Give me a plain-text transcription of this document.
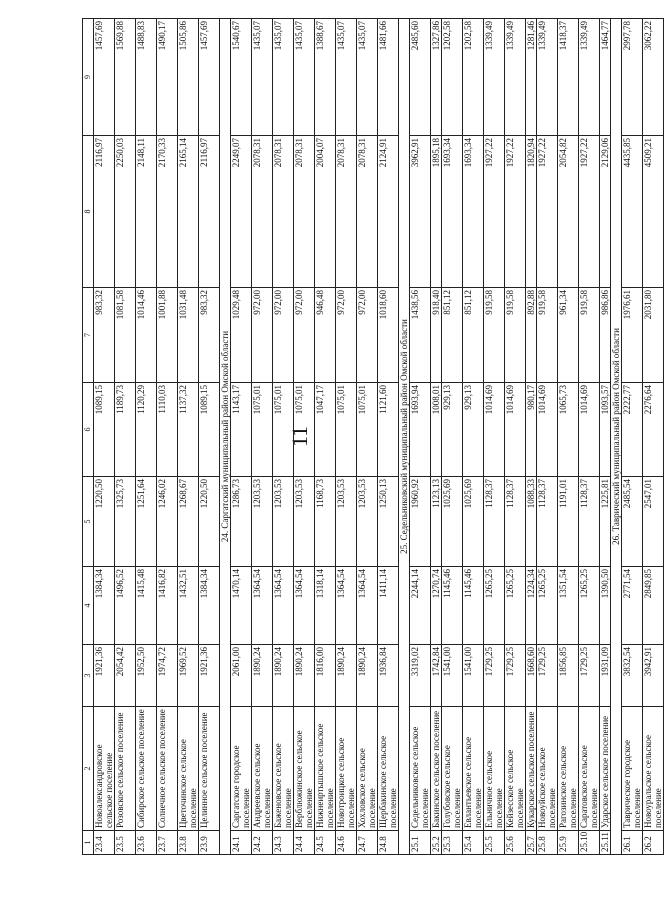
11
1	2	3	4	5	6	7	8	9
23.4	Новоалександровское сельское поселение	1921,36	1384,34	1220,50	1089,15	983,32	2116,97	1457,69
23.5	Розовское сельское поселение	2054,42	1496,52	1325,73	1189,73	1081,58	2250,03	1569,88
23.6	Сибирское сельское поселение	1952,50	1415,48	1251,64	1120,29	1014,46	2148,11	1488,83
23.7	Солнечное сельское поселение	1974,72	1416,82	1246,02	1110,03	1001,88	2170,33	1490,17
23.8	Цветочинское сельское поселение	1969,52	1432,51	1268,67	1137,32	1031,48	2165,14	1505,86
23.9	Целинное сельское поселение	1921,36	1384,34	1220,50	1089,15	983,32	2116,97	1457,69
24. Саргатский муниципальный район Омской области								
24.1	Саргатское городское поселение	2061,00	1470,14	1286,73	1143,17	1029,48	2249,07	1540,67
24.2	Андреевское сельское поселение	1890,24	1364,54	1203,53	1075,01	972,00	2078,31	1435,07
24.3	Баженовское сельское поселение	1890,24	1364,54	1203,53	1075,01	972,00	2078,31	1435,07
24.4	Верблюжинское сельское поселение	1890,24	1364,54	1203,53	1075,01	972,00	2078,31	1435,07
24.5	Нижнеиртышское сельское поселение	1816,00	1318,14	1168,73	1047,17	946,48	2004,07	1388,67
24.6	Новотроицкое сельское поселение	1890,24	1364,54	1203,53	1075,01	972,00	2078,31	1435,07
24.7	Хохловское сельское поселение	1890,24	1364,54	1203,53	1075,01	972,00	2078,31	1435,07
24.8	Щербакинское сельское поселение	1936,84	1411,14	1250,13	1121,60	1018,60	2124,91	1481,66
25. Седельниковский муниципальный район Омской области								
25.1	Седельниковское сельское поселение	3319,02	2244,14	1960,92	1693,94	1438,56	3962,91	2485,60
25.2	Бакинское сельское поселение	1742,84	1270,74	1123,13	1008,01	918,40	1895,18	1327,86
25.3	Голубовское сельское поселение	1541,00	1145,46	1025,69	929,13	851,12	1693,34	1202,58
25.4	Евлантьевское сельское поселение	1541,00	1145,46	1025,69	929,13	851,12	1693,34	1202,58
25.5	Ельничное сельское поселение	1729,25	1265,25	1128,37	1014,69	919,58	1927,22	1339,49
25.6	Кейзесское сельское поселение	1729,25	1265,25	1128,37	1014,69	919,58	1927,22	1339,49
25.7	Кукарское сельское поселение	1668,60	1224,34	1088,33	980,17	892,88	1820,94	1281,46
25.8	Новоуйское сельское поселение	1729,25	1265,25	1128,37	1014,69	919,58	1927,22	1339,49
25.9	Рагозинское сельское поселение	1856,85	1351,54	1191,01	1065,73	961,34	2054,82	1418,37
25.10	Саратовское сельское поселение	1729,25	1265,25	1128,37	1014,69	919,58	1927,22	1339,49
25.11	Ударское сельское поселение	1931,09	1390,50	1225,81	1093,57	986,86	2129,06	1464,77
26. Таврический муниципальный район Омской области								
26.1	Таврическое городское поселение	3832,54	2771,54	2485,54	2222,77	1976,61	4435,85	2997,78
26.2	Новоуральское сельское поселение	3942,91	2849,85	2547,01	2276,64	2031,80	4509,21	3062,22
